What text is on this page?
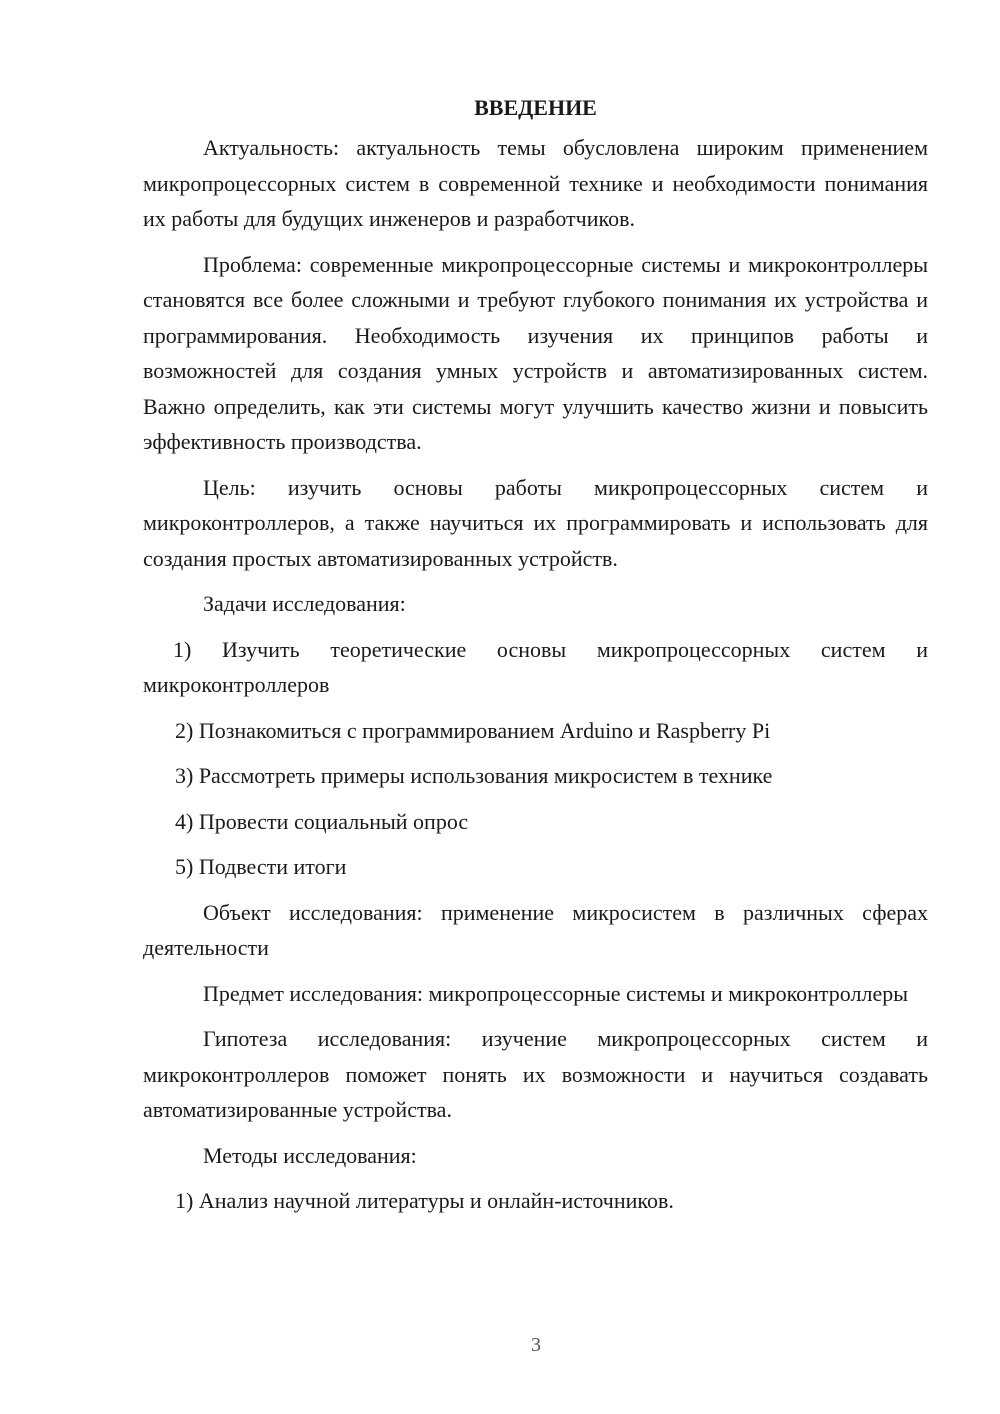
ВВЕДЕНИЕ

Актуальность: актуальность темы обусловлена широким применением микропроцессорных систем в современной технике и необходимости понимания их работы для будущих инженеров и разработчиков.

Проблема: современные микропроцессорные системы и микроконтроллеры становятся все более сложными и требуют глубокого понимания их устройства и программирования. Необходимость изучения их принципов работы и возможностей для создания умных устройств и автоматизированных систем. Важно определить, как эти системы могут улучшить качество жизни и повысить эффективность производства.

Цель: изучить основы работы микропроцессорных систем и микроконтроллеров, а также научиться их программировать и использовать для создания простых автоматизированных устройств.

Задачи исследования:

1) Изучить теоретические основы микропроцессорных систем и микроконтроллеров

2) Познакомиться с программированием Arduino и Raspberry Pi

3) Рассмотреть примеры использования микросистем в технике

4) Провести социальный опрос

5) Подвести итоги

Объект исследования: применение микросистем в различных сферах деятельности

Предмет исследования: микропроцессорные системы и микроконтроллеры

Гипотеза исследования: изучение микропроцессорных систем и микроконтроллеров поможет понять их возможности и научиться создавать автоматизированные устройства.

Методы исследования:

1) Анализ научной литературы и онлайн-источников.

3
